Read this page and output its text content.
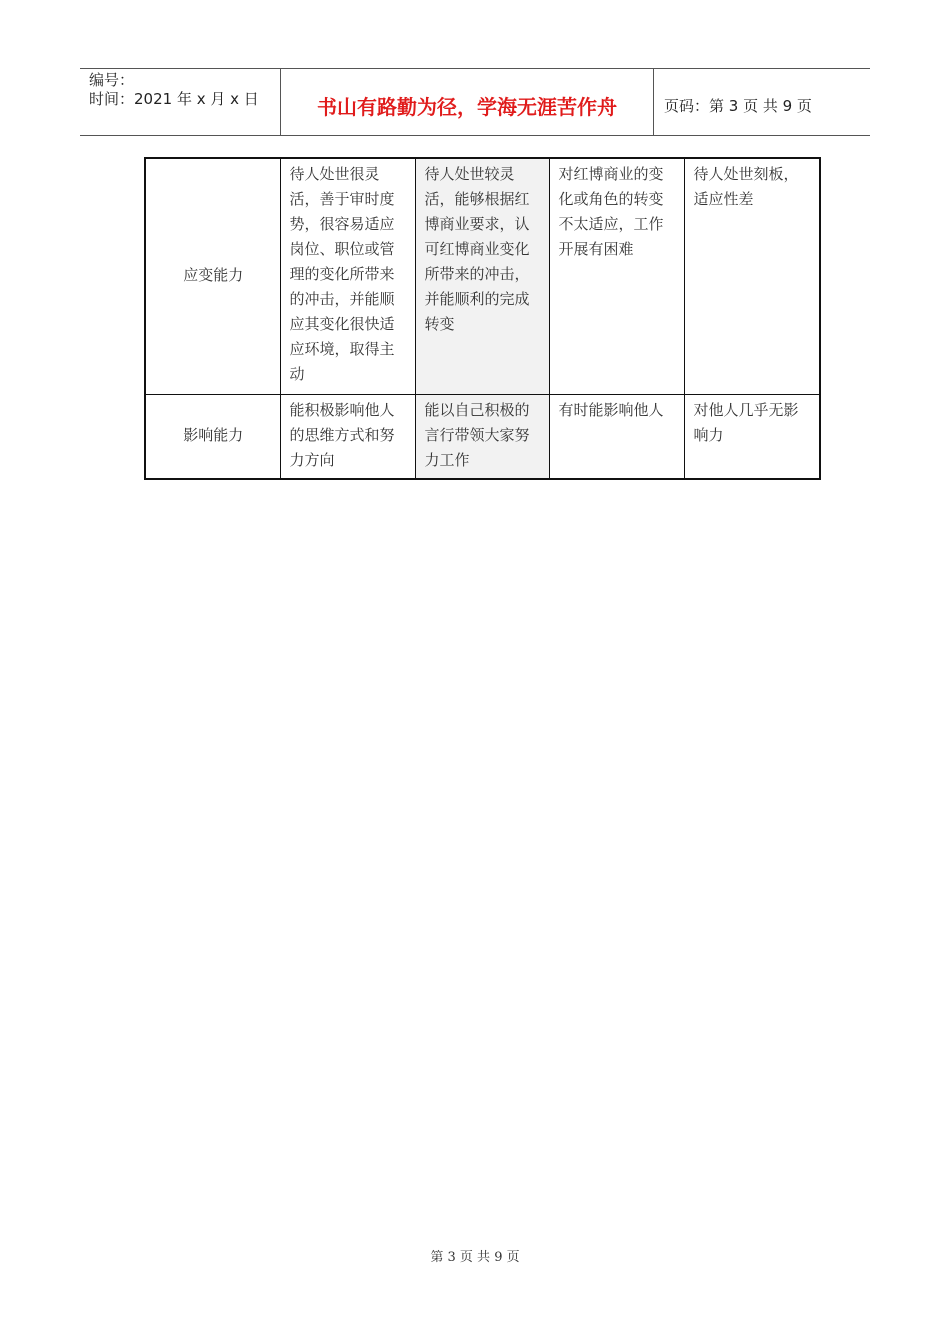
编号：
时间：2021 年 x 月 x 日	书山有路勤为径，学海无涯苦作舟	页码：第 3 页 共 9 页
应变能力	待人处世很灵活，善于审时度势，很容易适应岗位、职位或管理的变化所带来的冲击，并能顺应其变化很快适应环境，取得主动	待人处世较灵活，能够根据红博商业要求，认可红博商业变化所带来的冲击，并能顺利的完成转变	对红博商业的变化或角色的转变不太适应，工作开展有困难	待人处世刻板，适应性差
影响能力	能积极影响他人的思维方式和努力方向	能以自己积极的言行带领大家努力工作	有时能影响他人	对他人几乎无影响力
第 3 页 共 9 页
